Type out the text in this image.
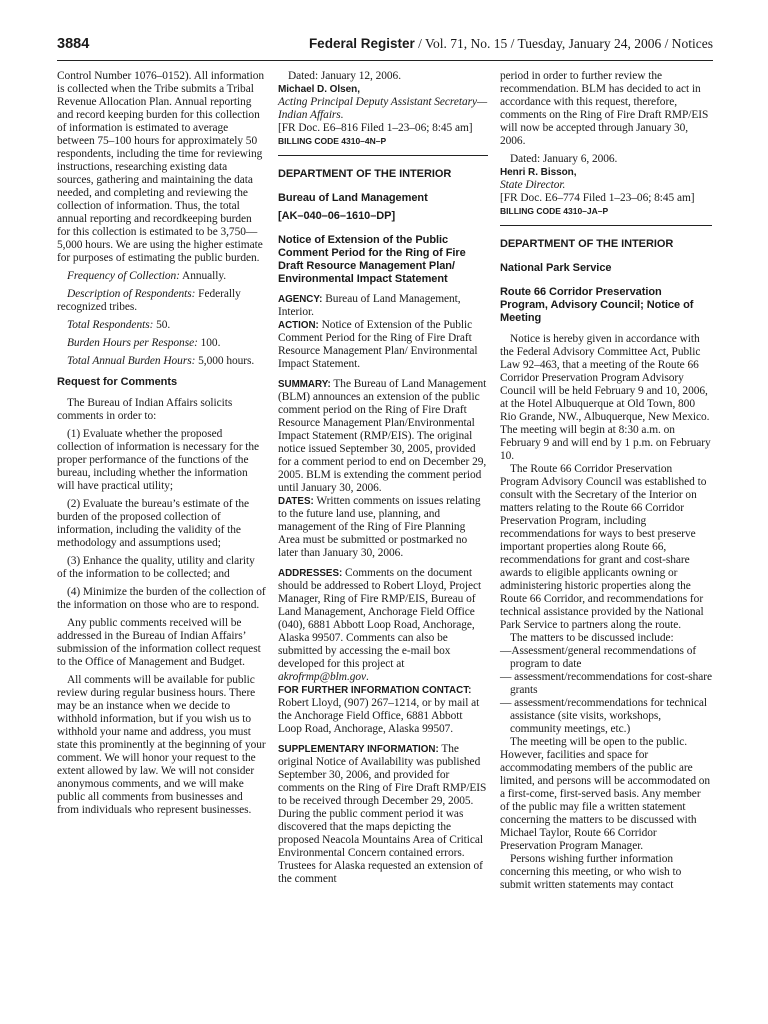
3884	Federal Register / Vol. 71, No. 15 / Tuesday, January 24, 2006 / Notices

Control Number 1076–0152). All information is collected when the Tribe submits a Tribal Revenue Allocation Plan. Annual reporting and record keeping burden for this collection of information is estimated to average between 75–100 hours for approximately 50 respondents, including the time for reviewing instructions, researching existing data sources, gathering and maintaining the data needed, and completing and reviewing the collection of information. Thus, the total annual reporting and recordkeeping burden for this collection is estimated to be 3,750—5,000 hours. We are using the higher estimate for purposes of estimating the public burden.

Frequency of Collection: Annually.

Description of Respondents: Federally recognized tribes.

Total Respondents: 50.

Burden Hours per Response: 100.

Total Annual Burden Hours: 5,000 hours.

Request for Comments

The Bureau of Indian Affairs solicits comments in order to:

(1) Evaluate whether the proposed collection of information is necessary for the proper performance of the functions of the bureau, including whether the information will have practical utility;

(2) Evaluate the bureau’s estimate of the burden of the proposed collection of information, including the validity of the methodology and assumptions used;

(3) Enhance the quality, utility and clarity of the information to be collected; and

(4) Minimize the burden of the collection of the information on those who are to respond.

Any public comments received will be addressed in the Bureau of Indian Affairs’ submission of the information collect request to the Office of Management and Budget.

All comments will be available for public review during regular business hours. There may be an instance when we decide to withhold information, but if you wish us to withhold your name and address, you must state this prominently at the beginning of your comment. We will honor your request to the extent allowed by law. We will not consider anonymous comments, and we will make public all comments from businesses and from individuals who represent businesses.

Dated: January 12, 2006.

Michael D. Olsen,

Acting Principal Deputy Assistant Secretary—Indian Affairs.

[FR Doc. E6–816 Filed 1–23–06; 8:45 am]

BILLING CODE 4310–4N–P

DEPARTMENT OF THE INTERIOR

Bureau of Land Management

[AK–040–06–1610–DP]

Notice of Extension of the Public Comment Period for the Ring of Fire Draft Resource Management Plan/ Environmental Impact Statement

AGENCY: Bureau of Land Management, Interior.

ACTION: Notice of Extension of the Public Comment Period for the Ring of Fire Draft Resource Management Plan/ Environmental Impact Statement.

SUMMARY: The Bureau of Land Management (BLM) announces an extension of the public comment period on the Ring of Fire Draft Resource Management Plan/Environmental Impact Statement (RMP/EIS). The original notice issued September 30, 2005, provided for a comment period to end on December 29, 2005. BLM is extending the comment period until January 30, 2006.

DATES: Written comments on issues relating to the future land use, planning, and management of the Ring of Fire Planning Area must be submitted or postmarked no later than January 30, 2006.

ADDRESSES: Comments on the document should be addressed to Robert Lloyd, Project Manager, Ring of Fire RMP/EIS, Bureau of Land Management, Anchorage Field Office (040), 6881 Abbott Loop Road, Anchorage, Alaska 99507. Comments can also be submitted by accessing the e-mail box developed for this project at akrofrmp@blm.gov.

FOR FURTHER INFORMATION CONTACT:
Robert Lloyd, (907) 267–1214, or by mail at the Anchorage Field Office, 6881 Abbott Loop Road, Anchorage, Alaska 99507.

SUPPLEMENTARY INFORMATION: The original Notice of Availability was published September 30, 2006, and provided for comments on the Ring of Fire Draft RMP/EIS to be received through December 29, 2005. During the public comment period it was discovered that the maps depicting the proposed Neacola Mountains Area of Critical Environmental Concern contained errors. Trustees for Alaska requested an extension of the comment

period in order to further review the recommendation. BLM has decided to act in accordance with this request, therefore, comments on the Ring of Fire Draft RMP/EIS will now be accepted through January 30, 2006.

Dated: January 6, 2006.

Henri R. Bisson,

State Director.

[FR Doc. E6–774 Filed 1–23–06; 8:45 am]

BILLING CODE 4310–JA–P

DEPARTMENT OF THE INTERIOR

National Park Service

Route 66 Corridor Preservation Program, Advisory Council; Notice of Meeting

Notice is hereby given in accordance with the Federal Advisory Committee Act, Public Law 92–463, that a meeting of the Route 66 Corridor Preservation Program Advisory Council will be held February 9 and 10, 2006, at the Hotel Albuquerque at Old Town, 800 Rio Grande, NW., Albuquerque, New Mexico. The meeting will begin at 8:30 a.m. on February 9 and will end by 1 p.m. on February 10.

The Route 66 Corridor Preservation Program Advisory Council was established to consult with the Secretary of the Interior on matters relating to the Route 66 Corridor Preservation Program, including recommendations for ways to best preserve important properties along Route 66, recommendations for grant and cost-share awards to eligible applicants owning or administering historic properties along the Route 66 Corridor, and recommendations for technical assistance provided by the National Park Service to partners along the route.

The matters to be discussed include:

—Assessment/general recommendations of program to date

— assessment/recommendations for cost-share grants

— assessment/recommendations for technical assistance (site visits, workshops, community meetings, etc.)

The meeting will be open to the public. However, facilities and space for accommodating members of the public are limited, and persons will be accommodated on a first-come, first-served basis. Any member of the public may file a written statement concerning the matters to be discussed with Michael Taylor, Route 66 Corridor Preservation Program Manager.

Persons wishing further information concerning this meeting, or who wish to submit written statements may contact
